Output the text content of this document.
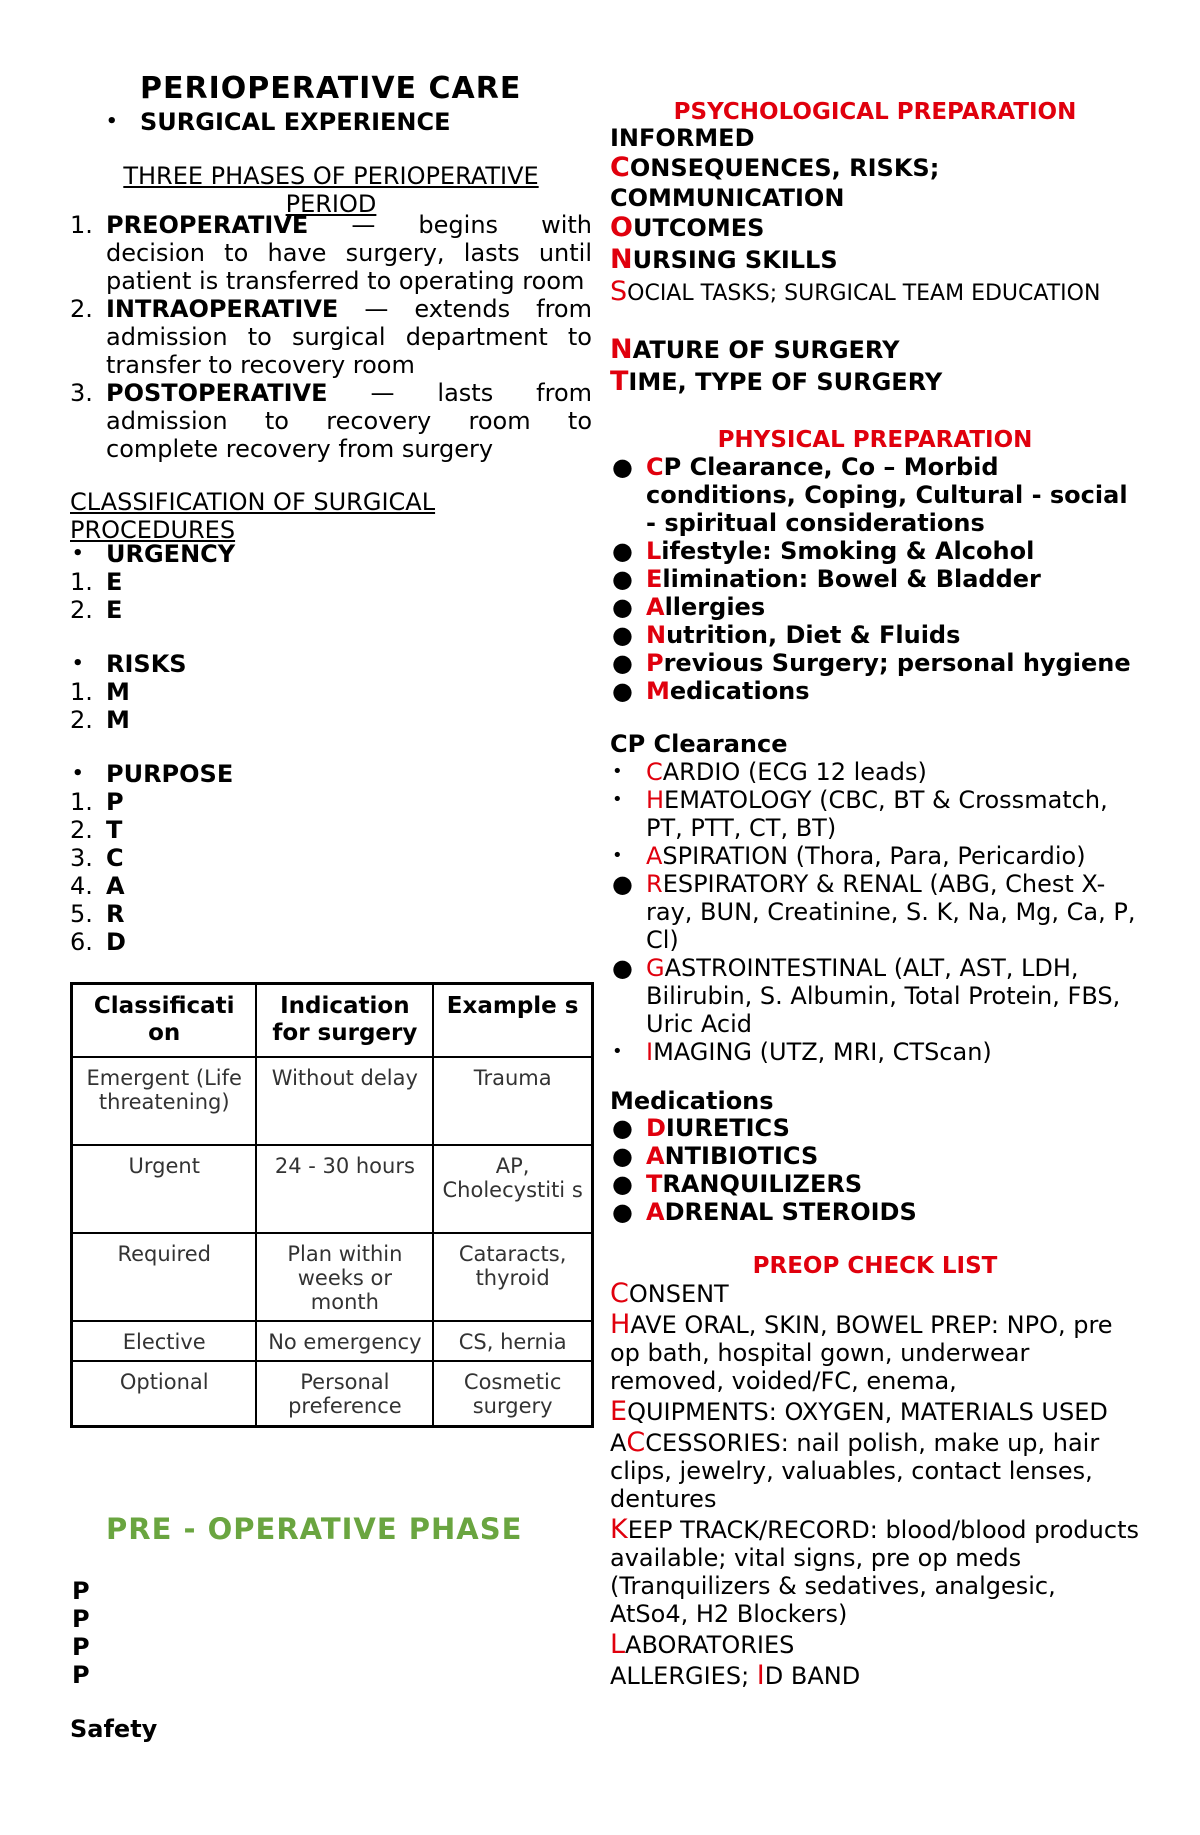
PERIOPERATIVE CARE
• SURGICAL EXPERIENCE
THREE PHASES OF PERIOPERATIVE
PERIOD
1. PREOPERATIVE — begins with decision to have surgery, lasts until patient is transferred to operating room
2. INTRAOPERATIVE — extends from admission to surgical department to transfer to recovery room
3. POSTOPERATIVE — lasts from admission to recovery room to complete recovery from surgery
CLASSIFICATION OF SURGICAL
PROCEDURES
• URGENCY
1. E
2. E
• RISKS
1. M
2. M
• PURPOSE
1. P
2. T
3. C
4. A
5. R
6. D
PRE - OPERATIVE PHASE
P
P
P
P
Safety
Classificati on	Indication for surgery	Example s
Emergent (Life threatening)	Without delay	Trauma
Urgent	24 - 30 hours	AP, Cholecystiti s
Required	Plan within weeks or month	Cataracts, thyroid
Elective	No emergency	CS, hernia
Optional	Personal preference	Cosmetic surgery
PSYCHOLOGICAL PREPARATION
INFORMED
CONSEQUENCES, RISKS;
COMMUNICATION
OUTCOMES
NURSING SKILLS
SOCIAL TASKS; SURGICAL TEAM EDUCATION
NATURE OF SURGERY
TIME, TYPE OF SURGERY
PHYSICAL PREPARATION
● CP Clearance, Co – Morbid conditions, Coping, Cultural - social - spiritual considerations
● Lifestyle: Smoking & Alcohol
● Elimination: Bowel & Bladder
● Allergies
● Nutrition, Diet & Fluids
● Previous Surgery; personal hygiene
● Medications
CP Clearance
• CARDIO (ECG 12 leads)
• HEMATOLOGY (CBC, BT & Crossmatch, PT, PTT, CT, BT)
• ASPIRATION (Thora, Para, Pericardio)
● RESPIRATORY & RENAL (ABG, Chest X-ray, BUN, Creatinine, S. K, Na, Mg, Ca, P, Cl)
● GASTROINTESTINAL (ALT, AST, LDH, Bilirubin, S. Albumin, Total Protein, FBS, Uric Acid
• IMAGING (UTZ, MRI, CTScan)
Medications
● DIURETICS
● ANTIBIOTICS
● TRANQUILIZERS
● ADRENAL STEROIDS
PREOP CHECK LIST
CONSENT
HAVE ORAL, SKIN, BOWEL PREP: NPO, pre op bath, hospital gown, underwear removed, voided/FC, enema,
EQUIPMENTS: OXYGEN, MATERIALS USED
ACCESSORIES: nail polish, make up, hair clips, jewelry, valuables, contact lenses, dentures
KEEP TRACK/RECORD: blood/blood products available; vital signs, pre op meds (Tranquilizers & sedatives, analgesic, AtSo4, H2 Blockers)
LABORATORIES
ALLERGIES; ID BAND
